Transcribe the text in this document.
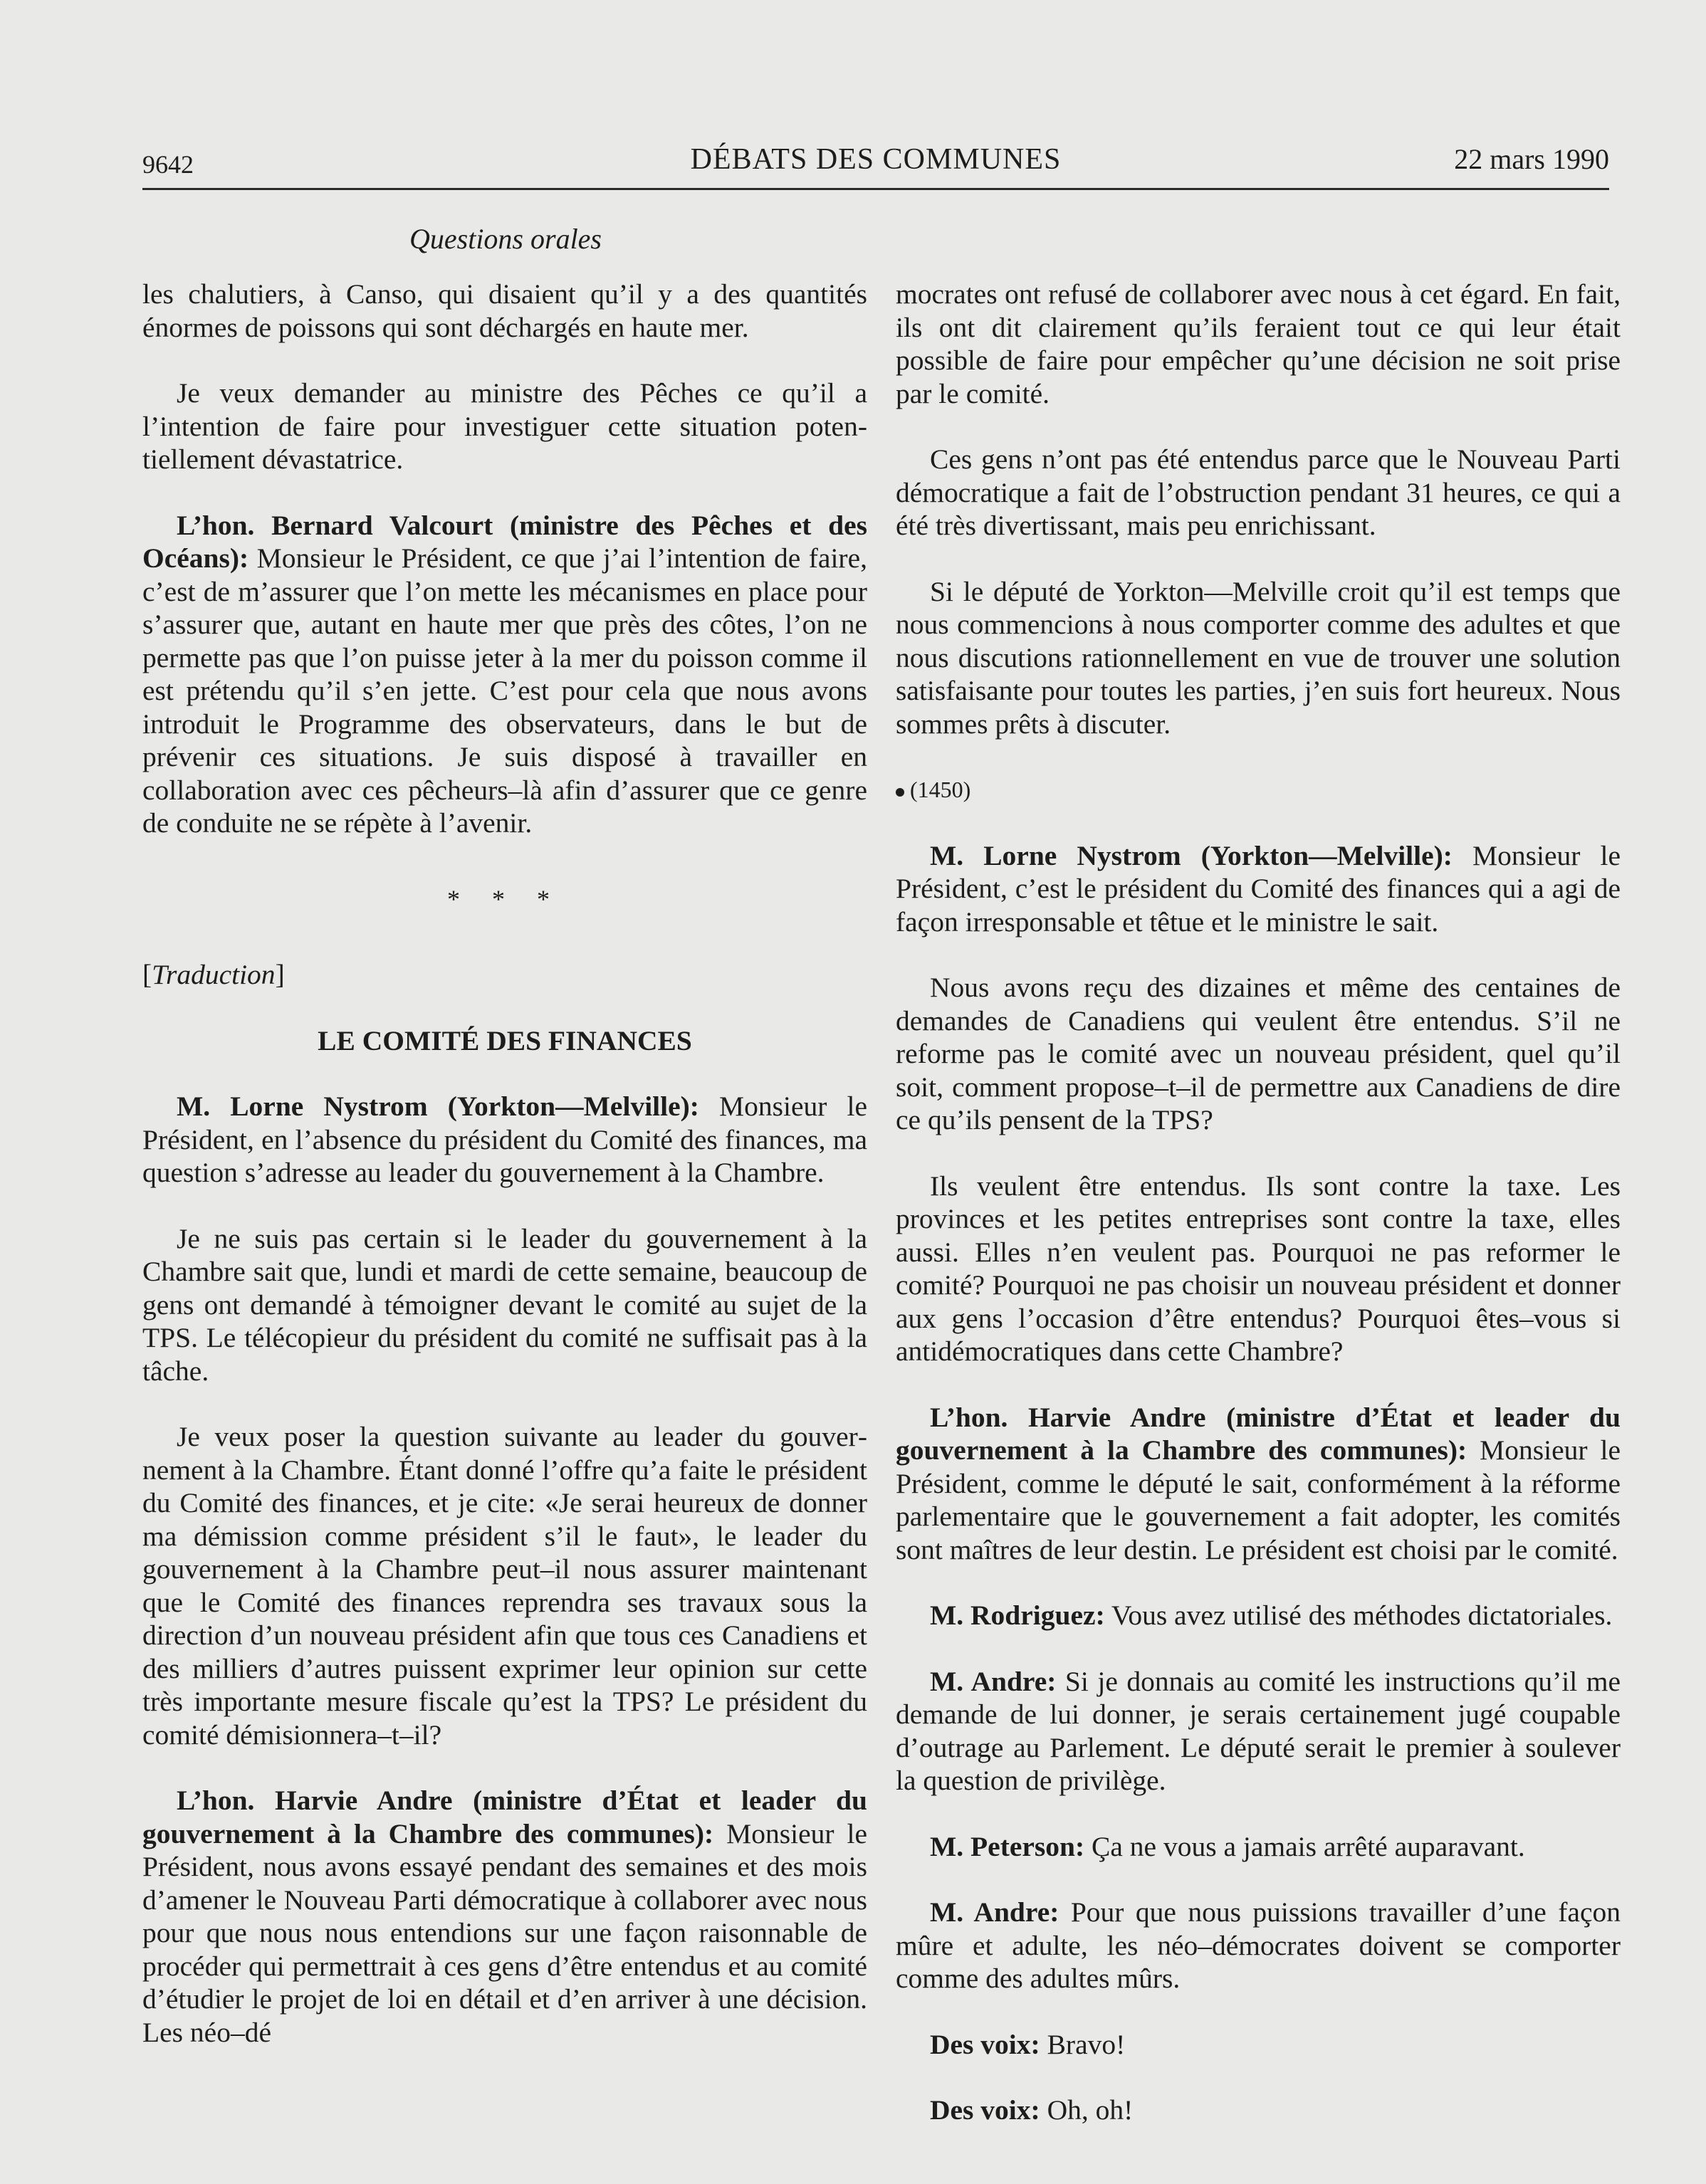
9642	DÉBATS DES COMMUNES	22 mars 1990
Questions orales

les chalutiers, à Canso, qui disaient qu’il y a des quantités énormes de poissons qui sont déchargés en haute mer.

Je veux demander au ministre des Pêches ce qu’il a l’intention de faire pour investiguer cette situation potentiellement dévastatrice.

L’hon. Bernard Valcourt (ministre des Pêches et des Océans): Monsieur le Président, ce que j’ai l’intention de faire, c’est de m’assurer que l’on mette les mécanismes en place pour s’assurer que, autant en haute mer que près des côtes, l’on ne permette pas que l’on puisse jeter à la mer du poisson comme il est prétendu qu’il s’en jette. C’est pour cela que nous avons introduit le Programme des observateurs, dans le but de prévenir ces situations. Je suis disposé à travailler en collaboration avec ces pêcheurs–là afin d’assurer que ce genre de conduite ne se répète à l’avenir.

* * *

[Traduction]

LE COMITÉ DES FINANCES

M. Lorne Nystrom (Yorkton—Melville): Monsieur le Président, en l’absence du président du Comité des finances, ma question s’adresse au leader du gouvernement à la Chambre.

Je ne suis pas certain si le leader du gouvernement à la Chambre sait que, lundi et mardi de cette semaine, beaucoup de gens ont demandé à témoigner devant le comité au sujet de la TPS. Le télécopieur du président du comité ne suffisait pas à la tâche.

Je veux poser la question suivante au leader du gouvernement à la Chambre. Étant donné l’offre qu’a faite le président du Comité des finances, et je cite: «Je serai heureux de donner ma démission comme président s’il le faut», le leader du gouvernement à la Chambre peut–il nous assurer maintenant que le Comité des finances reprendra ses travaux sous la direction d’un nouveau président afin que tous ces Canadiens et des milliers d’autres puissent exprimer leur opinion sur cette très importante mesure fiscale qu’est la TPS? Le président du comité démisionnera–t–il?

L’hon. Harvie Andre (ministre d’État et leader du gouvernement à la Chambre des communes): Monsieur le Président, nous avons essayé pendant des semaines et des mois d’amener le Nouveau Parti démocratique à collaborer avec nous pour que nous nous entendions sur une façon raisonnable de procéder qui permettrait à ces gens d’être entendus et au comité d’étudier le projet de loi en détail et d’en arriver à une décision. Les néo–dé

mocrates ont refusé de collaborer avec nous à cet égard. En fait, ils ont dit clairement qu’ils feraient tout ce qui leur était possible de faire pour empêcher qu’une décision ne soit prise par le comité.

Ces gens n’ont pas été entendus parce que le Nouveau Parti démocratique a fait de l’obstruction pendant 31 heures, ce qui a été très divertissant, mais peu enrichissant.

Si le député de Yorkton—Melville croit qu’il est temps que nous commencions à nous comporter comme des adultes et que nous discutions rationnellement en vue de trouver une solution satisfaisante pour toutes les parties, j’en suis fort heureux. Nous sommes prêts à discuter.

(1450)

M. Lorne Nystrom (Yorkton—Melville): Monsieur le Président, c’est le président du Comité des finances qui a agi de façon irresponsable et têtue et le ministre le sait.

Nous avons reçu des dizaines et même des centaines de demandes de Canadiens qui veulent être entendus. S’il ne reforme pas le comité avec un nouveau président, quel qu’il soit, comment propose–t–il de permettre aux Canadiens de dire ce qu’ils pensent de la TPS?

Ils veulent être entendus. Ils sont contre la taxe. Les provinces et les petites entreprises sont contre la taxe, elles aussi. Elles n’en veulent pas. Pourquoi ne pas reformer le comité? Pourquoi ne pas choisir un nouveau président et donner aux gens l’occasion d’être entendus? Pourquoi êtes–vous si antidémocratiques dans cette Chambre?

L’hon. Harvie Andre (ministre d’État et leader du gouvernement à la Chambre des communes): Monsieur le Président, comme le député le sait, conformément à la réforme parlementaire que le gouvernement a fait adopter, les comités sont maîtres de leur destin. Le président est choisi par le comité.

M. Rodriguez: Vous avez utilisé des méthodes dictatoriales.

M. Andre: Si je donnais au comité les instructions qu’il me demande de lui donner, je serais certainement jugé coupable d’outrage au Parlement. Le député serait le premier à soulever la question de privilège.

M. Peterson: Ça ne vous a jamais arrêté auparavant.

M. Andre: Pour que nous puissions travailler d’une façon mûre et adulte, les néo–démocrates doivent se comporter comme des adultes mûrs.

Des voix: Bravo!

Des voix: Oh, oh!
